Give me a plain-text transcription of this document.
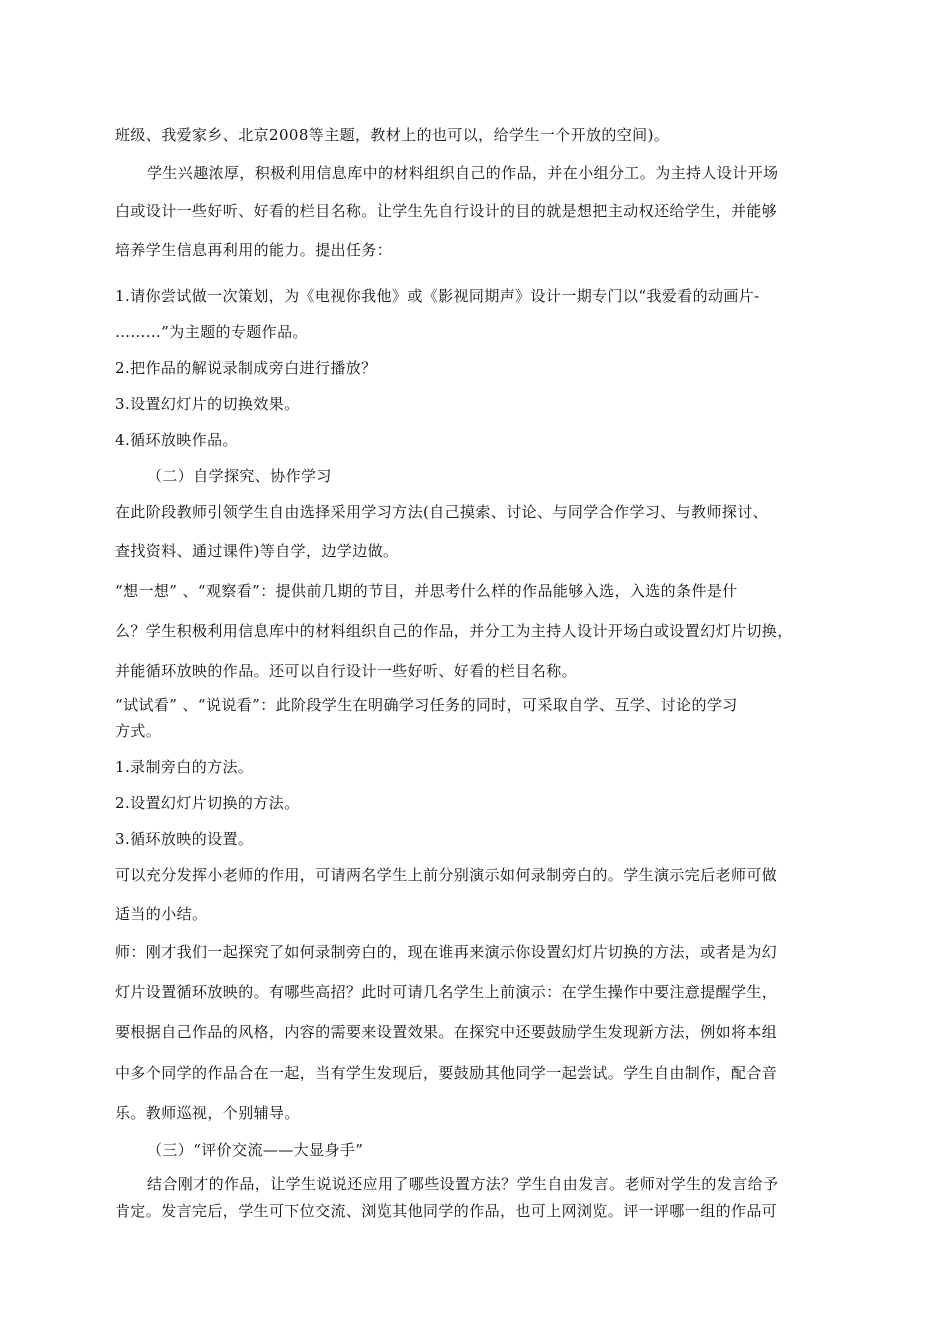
班级、我爱家乡、北京2008等主题，教材上的也可以，给学生一个开放的空间)。
学生兴趣浓厚，积极利用信息库中的材料组织自己的作品，并在小组分工。为主持人设计开场
白或设计一些好听、好看的栏目名称。让学生先自行设计的目的就是想把主动权还给学生，并能够
培养学生信息再利用的能力。提出任务：
1.请你尝试做一次策划，为《电视你我他》或《影视同期声》设计一期专门以“我爱看的动画片-
………”为主题的专题作品。
2.把作品的解说录制成旁白进行播放？
3.设置幻灯片的切换效果。
4.循环放映作品。
（二）自学探究、协作学习
在此阶段教师引领学生自由选择采用学习方法(自己摸索、讨论、与同学合作学习、与教师探讨、
查找资料、通过课件)等自学，边学边做。
“想一想” 、“观察看”：提供前几期的节目，并思考什么样的作品能够入选，入选的条件是什
么？学生积极利用信息库中的材料组织自己的作品，并分工为主持人设计开场白或设置幻灯片切换，
并能循环放映的作品。还可以自行设计一些好听、好看的栏目名称。
“试试看” 、“说说看”：此阶段学生在明确学习任务的同时，可采取自学、互学、讨论的学习
方式。
1.录制旁白的方法。
2.设置幻灯片切换的方法。
3.循环放映的设置。
可以充分发挥小老师的作用，可请两名学生上前分别演示如何录制旁白的。学生演示完后老师可做
适当的小结。
师：刚才我们一起探究了如何录制旁白的，现在谁再来演示你设置幻灯片切换的方法，或者是为幻
灯片设置循环放映的。有哪些高招？此时可请几名学生上前演示：在学生操作中要注意提醒学生，
要根据自己作品的风格，内容的需要来设置效果。在探究中还要鼓励学生发现新方法，例如将本组
中多个同学的作品合在一起，当有学生发现后，要鼓励其他同学一起尝试。学生自由制作，配合音
乐。教师巡视，个别辅导。
（三）“评价交流——大显身手”
结合刚才的作品，让学生说说还应用了哪些设置方法？学生自由发言。老师对学生的发言给予
肯定。发言完后，学生可下位交流、浏览其他同学的作品，也可上网浏览。评一评哪一组的作品可
